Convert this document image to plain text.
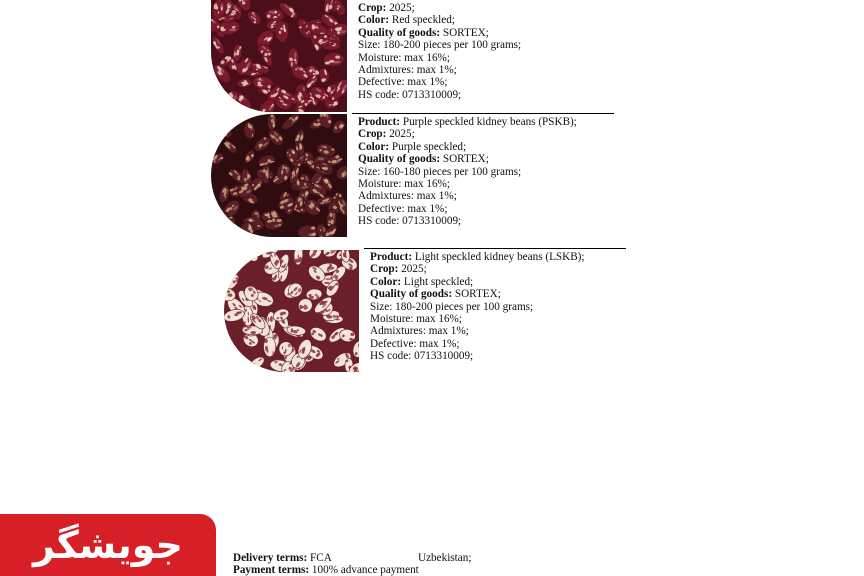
Crop: 2025;
Color: Red speckled;
Quality of goods: SORTEX;
Size: 180-200 pieces per 100 grams;
Moisture: max 16%;
Admixtures: max 1%;
Defective: max 1%;
HS code: 0713310009;
Product: Purple speckled kidney beans (PSKB);
Crop: 2025;
Color: Purple speckled;
Quality of goods: SORTEX;
Size: 160-180 pieces per 100 grams;
Moisture: max 16%;
Admixtures: max 1%;
Defective: max 1%;
HS code: 0713310009;
Product: Light speckled kidney beans (LSKB);
Crop: 2025;
Color: Light speckled;
Quality of goods: SORTEX;
Size: 180-200 pieces per 100 grams;
Moisture: max 16%;
Admixtures: max 1%;
Defective: max 1%;
HS code: 0713310009;
جویشگر	Delivery terms: FCA	Uzbekistan;
Payment terms: 100% advance payment
